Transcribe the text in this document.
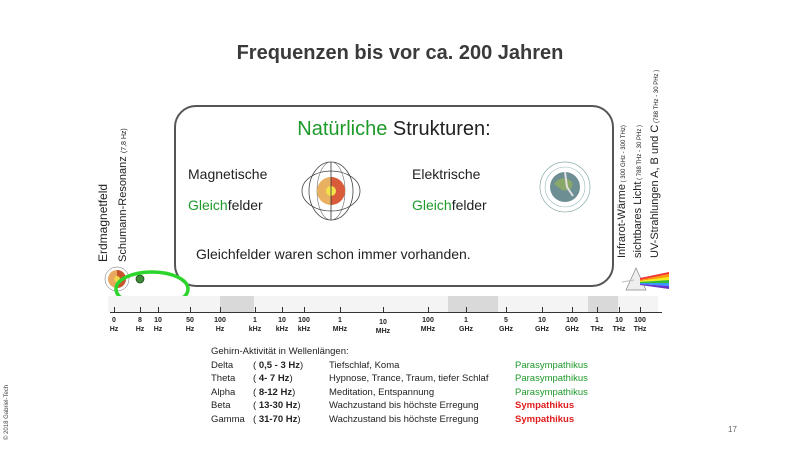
Frequenzen bis vor ca. 200 Jahren
Natürliche Strukturen:
Magnetische
Gleichfelder
Elektrische
Gleichfelder
Gleichfelder waren schon immer vorhanden.
Erdmagnetfeld Schumann-Resonanz (7,8 Hz)
Infrarot-Wärme ( 300 GHz - 300 THz)
sichtbares Licht ( 788 THz - 30 PHz ) UV-Strahlungen A, B und C (788 THz - 30 PHz )
0
Hz
8
Hz
10
Hz
50
Hz
100
Hz
1
kHz
10
kHz
100
kHz
1
MHz
10
MHz
100
MHz
1
GHz
5
GHz
10
GHz
100
GHz
1
THz
10
THz
100
THz
Gehirn-Aktivität in Wellenlängen:
Delta ( 0,5 - 3 Hz)	Tiefschlaf, Koma	Parasympathikus
Theta ( 4- 7 Hz)	Hypnose, Trance, Traum, tiefer Schlaf	Parasympathikus
Alpha ( 8-12 Hz)	Meditation, Entspannung	Parasympathikus
Beta ( 13-30 Hz)	Wachzustand bis höchste Erregung	Sympathikus
Gamma ( 31-70 Hz)	Wachzustand bis höchste Erregung	Sympathikus
17
© 2018 Gabriel-Tech
